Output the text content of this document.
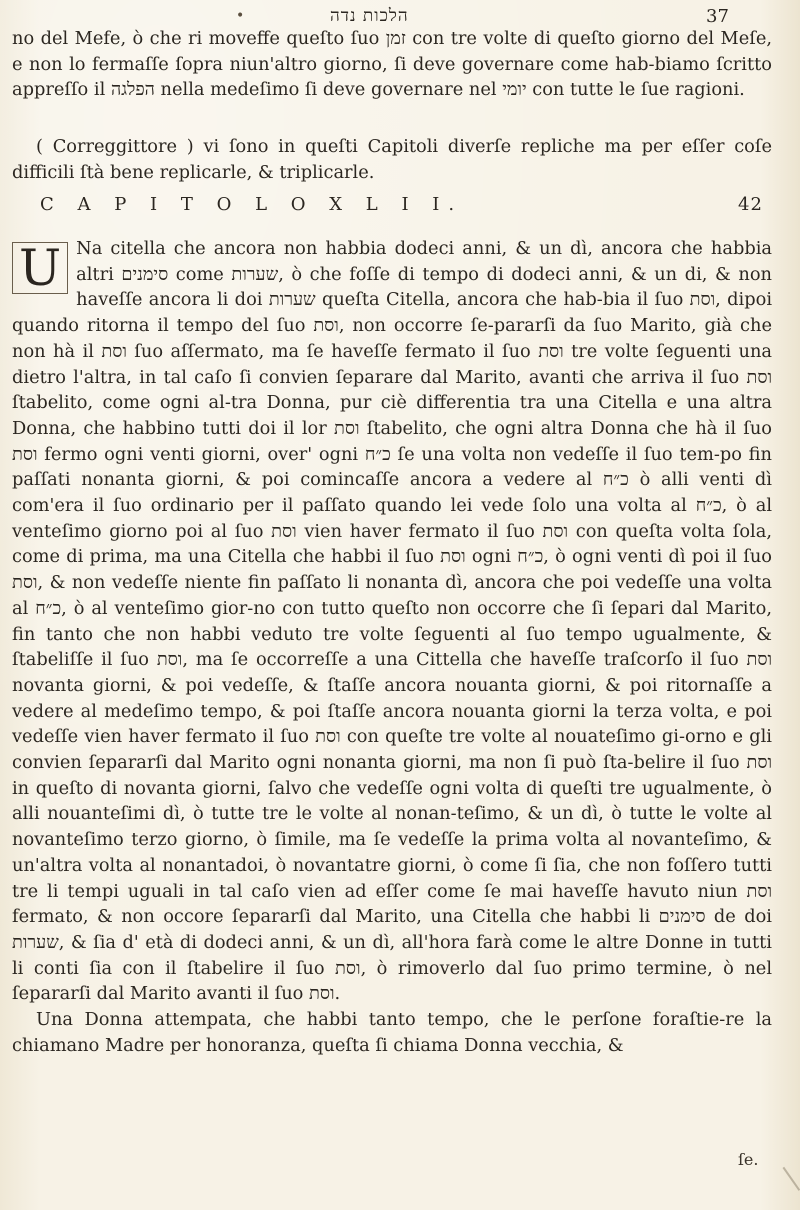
•	הלכות נדה	37

no del Mefe, ò che ri moveffe queſto ſuo זמן con tre volte di queſto giorno del Meſe, e non lo fermaſſe ſopra niun'altro giorno, ſi deve governare come hab-biamo ſcritto appreſſo il הפלגה nella medeſimo ſi deve governare nel יומי con tutte le ſue ragioni.

( Correggittore ) vi ſono in queſti Capitoli diverſe repliche ma per eſſer coſe difficili ſtà bene replicarle, & triplicarle.

C A P I T O L O X L I I.	42

U Na citella che ancora non habbia dodeci anni, & un dì, ancora che habbia altri סימנים come שערות, ò che foſſe di tempo di dodeci anni, & un di, & non haveſſe ancora li doi שערות queſta Citella, ancora che hab-bia il ſuo וסת, dipoi quando ritorna il tempo del ſuo וסת, non occorre ſe-pararſi da ſuo Marito, già che non hà il וסת ſuo aſſermato, ma ſe haveſſe fermato il ſuo וסת tre volte ſeguenti una dietro l'altra, in tal caſo ſi convien ſeparare dal Marito, avanti che arriva il ſuo וסת ſtabelito, come ogni al-tra Donna, pur ciè differentia tra una Citella e una altra Donna, che habbino tutti doi il lor וסת ſtabelito, che ogni altra Donna che hà il ſuo וסת fermo ogni venti giorni, over' ogni כ״ח ſe una volta non vedeſſe il ſuo tem-po fin paſſati nonanta giorni, & poi comincaſſe ancora a vedere al כ״ח ò alli venti dì com'era il ſuo ordinario per il paſſato quando lei vede ſolo una volta al כ״ח, ò al venteſimo giorno poi al ſuo וסת vien haver fermato il ſuo וסת con queſta volta ſola, come di prima, ma una Citella che habbi il ſuo וסת ogni כ״ח, ò ogni venti dì poi il ſuo וסת, & non vedeſſe niente fin paſſato li nonanta dì, ancora che poi vedeſſe una volta al כ״ח, ò al venteſimo gior-no con tutto queſto non occorre che ſi ſepari dal Marito, fin tanto che non habbi veduto tre volte ſeguenti al ſuo tempo ugualmente, & ſtabeliſſe il ſuo וסת, ma ſe occorreſſe a una Cittella che haveſſe traſcorſo il ſuo וסת novanta giorni, & poi vedeſſe, & ſtaſſe ancora nouanta giorni, & poi ritornaſſe a vedere al medeſimo tempo, & poi ſtaſſe ancora nouanta giorni la terza volta, e poi vedeſſe vien haver fermato il ſuo וסת con queſte tre volte al nouateſimo gi-orno e gli convien ſepararſi dal Marito ogni nonanta giorni, ma non ſi può ſta-belire il ſuo וסת in queſto di novanta giorni, ſalvo che vedeſſe ogni volta di queſti tre ugualmente, ò alli nouanteſimi dì, ò tutte tre le volte al nonan-teſimo, & un dì, ò tutte le volte al novanteſimo terzo giorno, ò ſimile, ma ſe vedeſſe la prima volta al novanteſimo, & un'altra volta al nonantadoi, ò novantatre giorni, ò come ſi ſia, che non foſſero tutti tre li tempi uguali in tal caſo vien ad eſſer come ſe mai haveſſe havuto niun וסת fermato, & non occore ſepararſi dal Marito, una Citella che habbi li סימנים de doi שערות, & ſia d' età di dodeci anni, & un dì, all'hora farà come le altre Donne in tutti li conti ſia con il ſtabelire il ſuo וסת, ò rimoverlo dal ſuo primo termine, ò nel ſepararſi dal Marito avanti il ſuo וסת.

Una Donna attempata, che habbi tanto tempo, che le perſone foraſtie-re la chiamano Madre per honoranza, queſta ſi chiama Donna vecchia, &

ſe.
